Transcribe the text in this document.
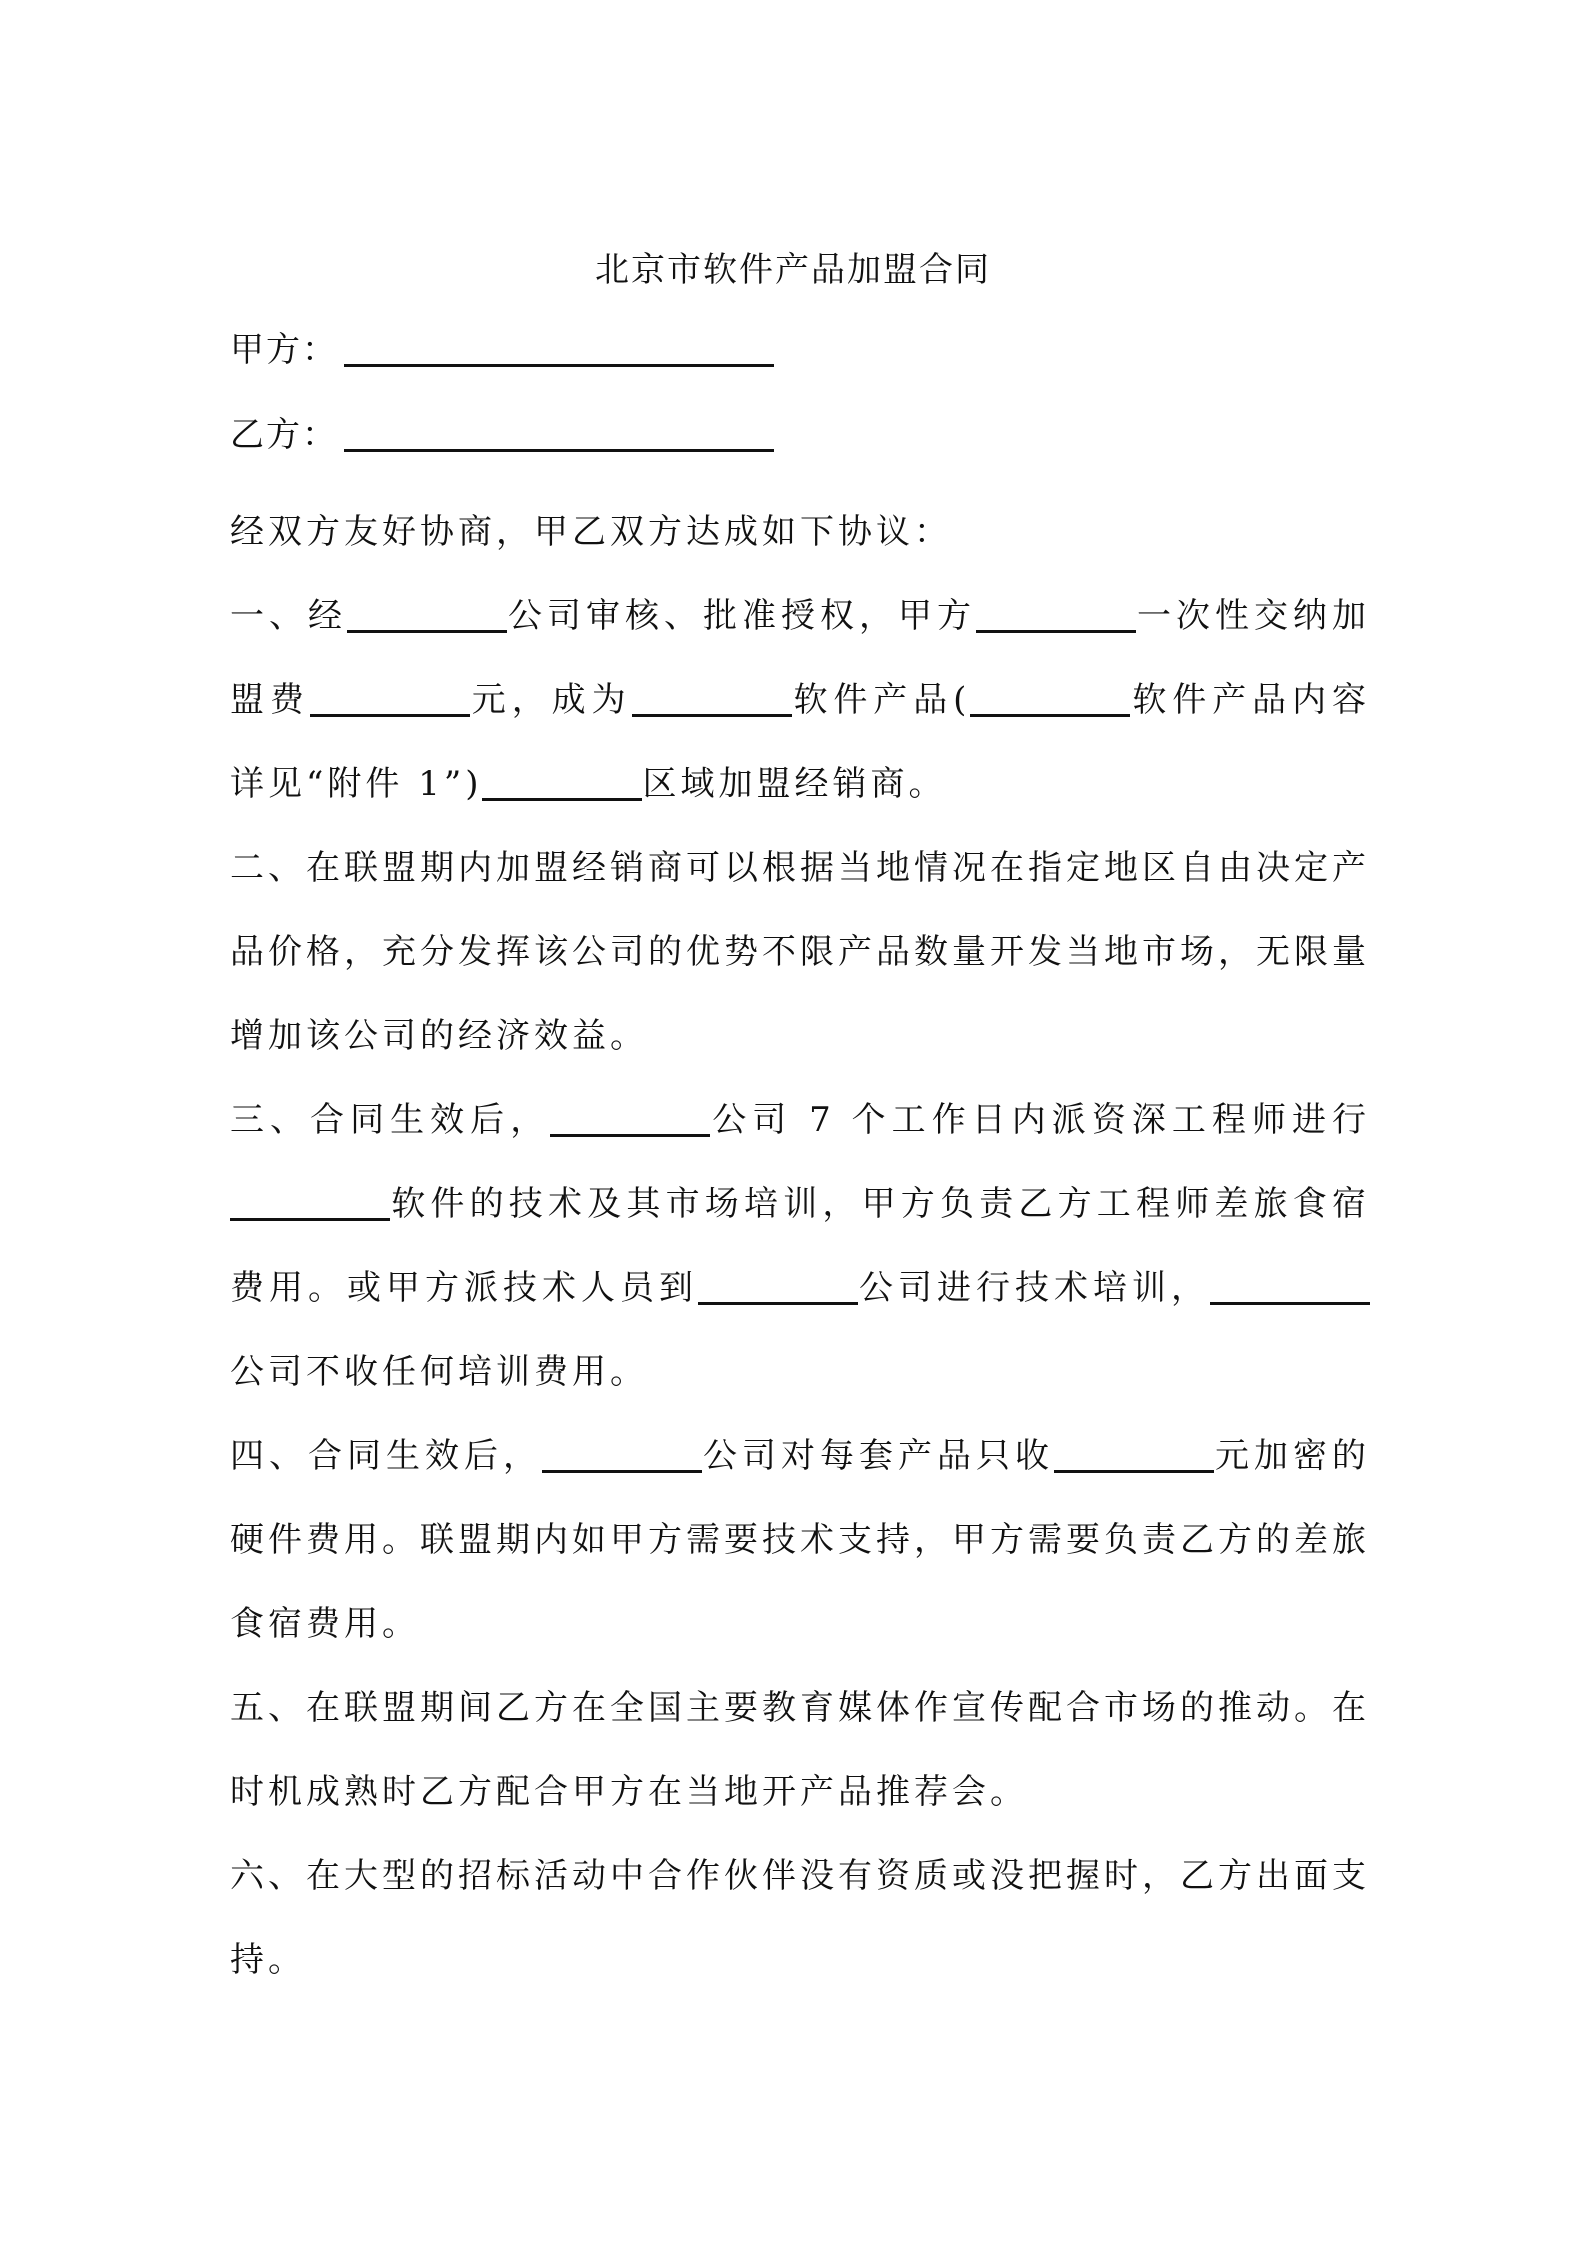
北京市软件产品加盟合同
甲方：
乙方：

经双方友好协商，甲乙双方达成如下协议：

一、经	公司审核、批准授权，甲方	一次性交纳加盟费	元，成为	软件产品(	软件产品内容详见“附件 1”)	区域加盟经销商。

二、在联盟期内加盟经销商可以根据当地情况在指定地区自由决定产品价格，充分发挥该公司的优势不限产品数量开发当地市场，无限量增加该公司的经济效益。

三、合同生效后，	公司 7 个工作日内派资深工程师进行软件的技术及其市场培训，甲方负责乙方工程师差旅食宿费用。或甲方派技术人员到	公司进行技术培训，公司不收任何培训费用。

四、合同生效后，	公司对每套产品只收	元加密的硬件费用。联盟期内如甲方需要技术支持，甲方需要负责乙方的差旅食宿费用。

五、在联盟期间乙方在全国主要教育媒体作宣传配合市场的推动。在时机成熟时乙方配合甲方在当地开产品推荐会。

六、在大型的招标活动中合作伙伴没有资质或没把握时，乙方出面支持。
